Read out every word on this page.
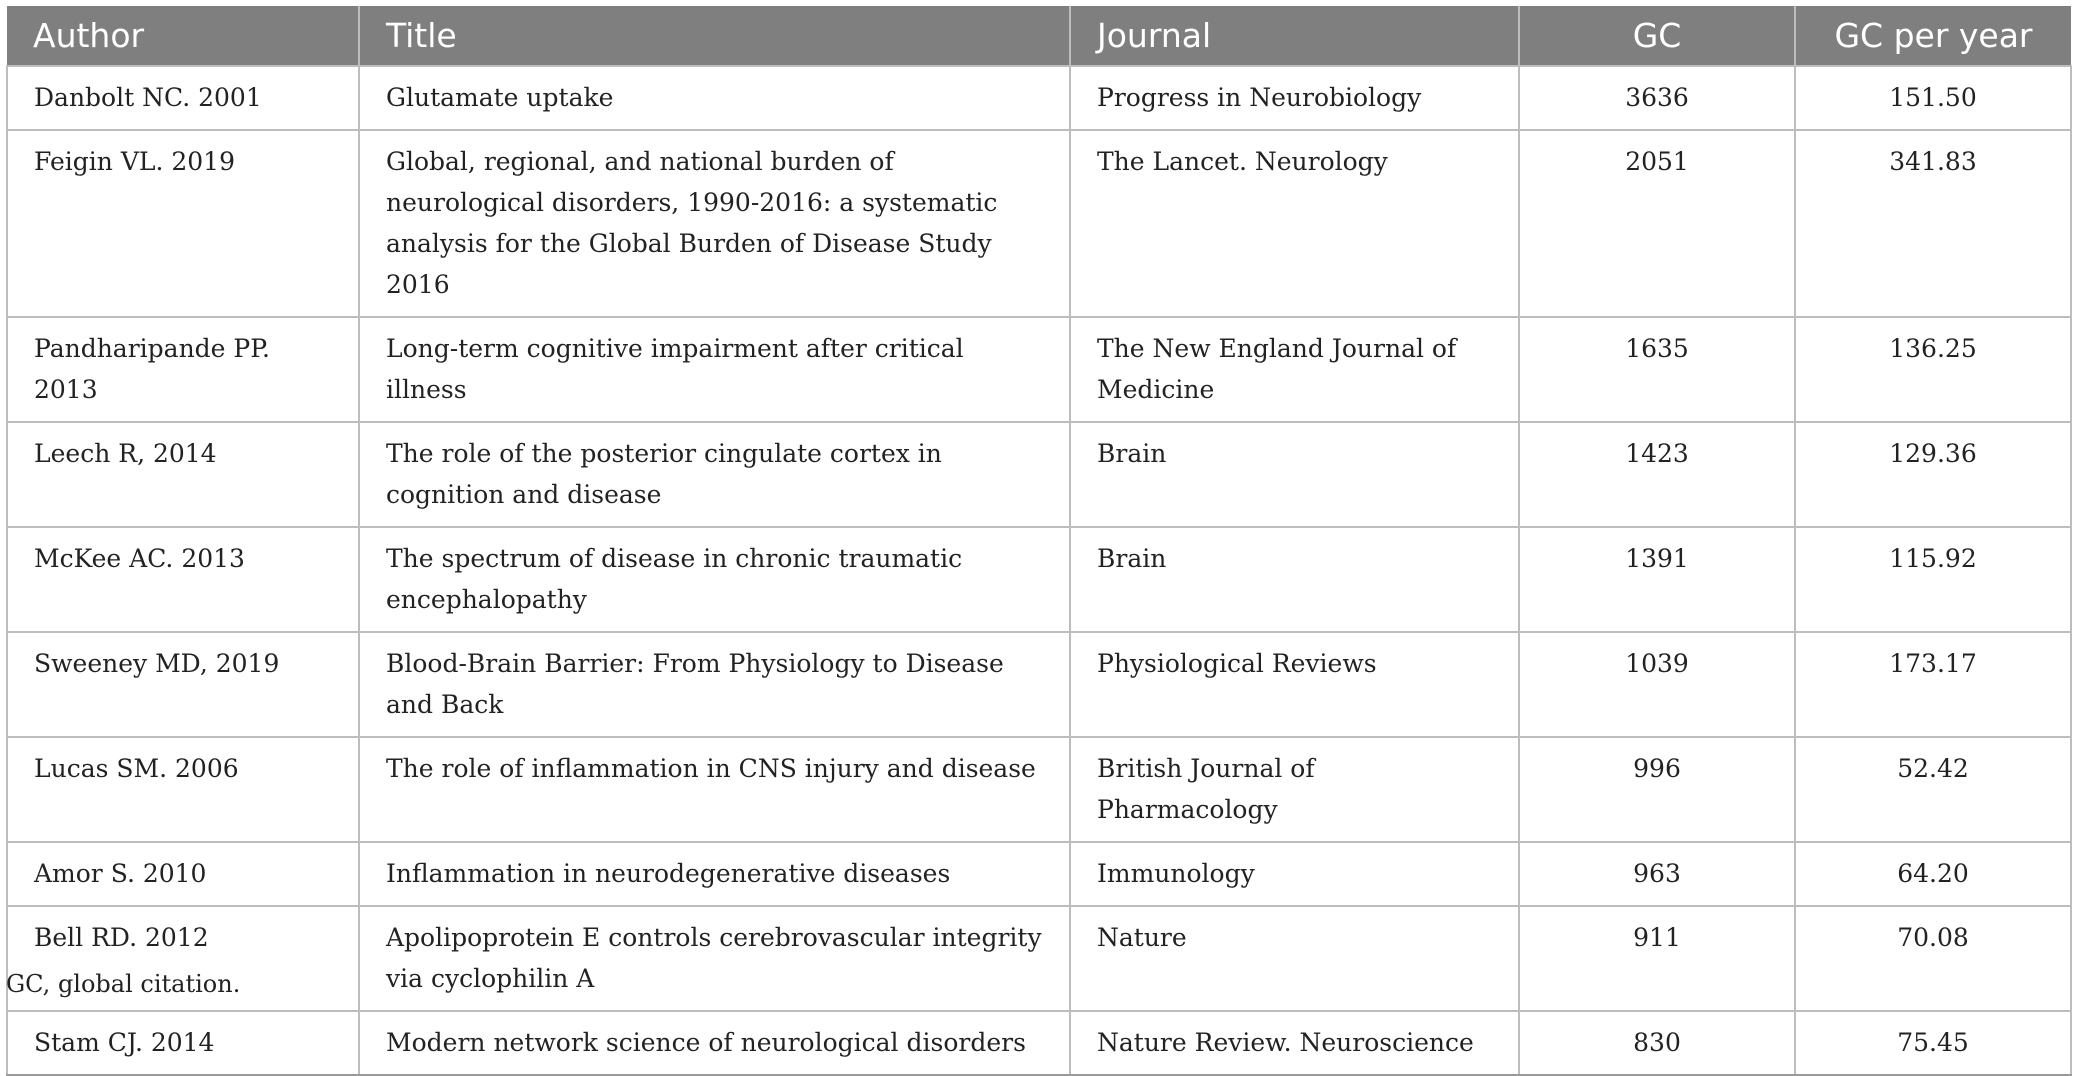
Author	Title	Journal	GC	GC per year
Danbolt NC. 2001	Glutamate uptake	Progress in Neurobiology	3636	151.50
Feigin VL. 2019	Global, regional, and national burden of neurological disorders, 1990-2016: a systematic analysis for the Global Burden of Disease Study 2016	The Lancet. Neurology	2051	341.83
Pandharipande PP. 2013	Long-term cognitive impairment after critical illness	The New England Journal of Medicine	1635	136.25
Leech R, 2014	The role of the posterior cingulate cortex in cognition and disease	Brain	1423	129.36
McKee AC. 2013	The spectrum of disease in chronic traumatic encephalopathy	Brain	1391	115.92
Sweeney MD, 2019	Blood-Brain Barrier: From Physiology to Disease and Back	Physiological Reviews	1039	173.17
Lucas SM. 2006	The role of inflammation in CNS injury and disease	British Journal of Pharmacology	996	52.42
Amor S. 2010	Inflammation in neurodegenerative diseases	Immunology	963	64.20
Bell RD. 2012	Apolipoprotein E controls cerebrovascular integrity via cyclophilin A	Nature	911	70.08
Stam CJ. 2014	Modern network science of neurological disorders	Nature Review. Neuroscience	830	75.45
GC, global citation.
